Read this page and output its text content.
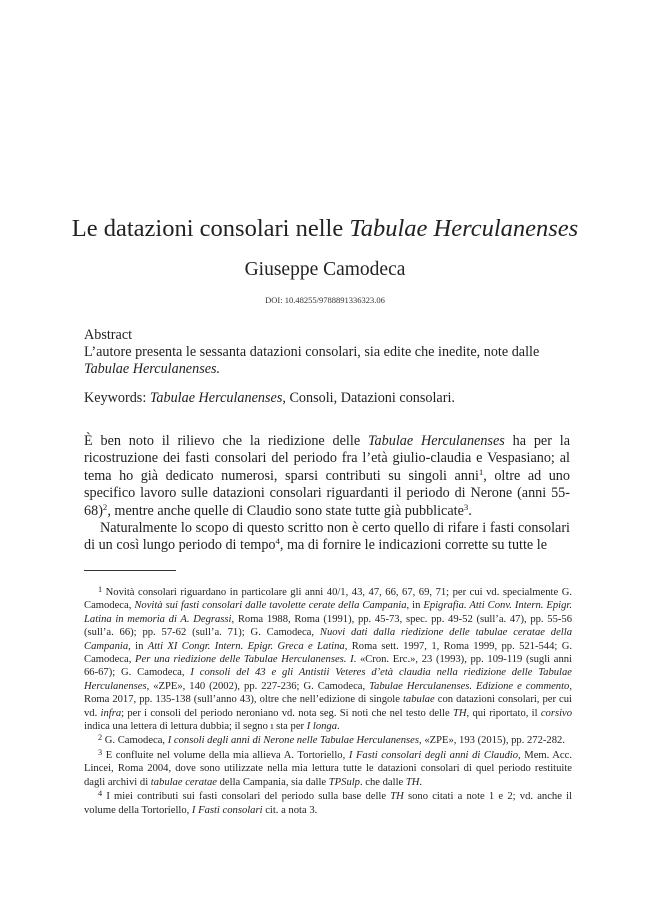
Le datazioni consolari nelle Tabulae Herculanenses
Giuseppe Camodeca
DOI: 10.48255/9788891336323.06

Abstract

L’autore presenta le sessanta datazioni consolari, sia edite che inedite, note dalle Tabulae Herculanenses.

Keywords: Tabulae Herculanenses, Consoli, Datazioni consolari.

È ben noto il rilievo che la riedizione delle Tabulae Herculanenses ha per la ricostruzione dei fasti consolari del periodo fra l’età giulio-claudia e Vespasiano; al tema ho già dedicato numerosi, sparsi contributi su singoli anni$^1$, oltre ad uno specifico lavoro sulle datazioni consolari riguardanti il periodo di Nerone (anni 55-68)$^2$, mentre anche quelle di Claudio sono state tutte già pubblicate$^3$.

Naturalmente lo scopo di questo scritto non è certo quello di rifare i fasti consolari di un così lungo periodo di tempo$^4$, ma di fornire le indicazioni corrette su tutte le

$^1$ Novità consolari riguardano in particolare gli anni 40/1, 43, 47, 66, 67, 69, 71; per cui vd. specialmente G. Camodeca, Novità sui fasti consolari dalle tavolette cerate della Campania, in Epigrafia. Atti Conv. Intern. Epigr. Latina in memoria di A. Degrassi, Roma 1988, Roma (1991), pp. 45-73, spec. pp. 49-52 (sull’a. 47), pp. 55-56 (sull’a. 66); pp. 57-62 (sull’a. 71); G. Camodeca, Nuovi dati dalla riedizione delle tabulae ceratae della Campania, in Atti XI Congr. Intern. Epigr. Greca e Latina, Roma sett. 1997, 1, Roma 1999, pp. 521-544; G. Camodeca, Per una riedizione delle Tabulae Herculanenses. I. «Cron. Erc.», 23 (1993), pp. 109-119 (sugli anni 66-67); G. Camodeca, I consoli del 43 e gli Antistii Veteres d’età claudia nella riedizione delle Tabulae Herculanenses, «ZPE», 140 (2002), pp. 227-236; G. Camodeca, Tabulae Herculanenses. Edizione e commento, Roma 2017, pp. 135-138 (sull’anno 43), oltre che nell’edizione di singole tabulae con datazioni consolari, per cui vd. infra; per i consoli del periodo neroniano vd. nota seg. Si noti che nel testo delle TH, qui riportato, il corsivo indica una lettera di lettura dubbia; il segno ı sta per I longa.

$^2$ G. Camodeca, I consoli degli anni di Nerone nelle Tabulae Herculanenses, «ZPE», 193 (2015), pp. 272-282.

$^3$ E confluite nel volume della mia allieva A. Tortoriello, I Fasti consolari degli anni di Claudio, Mem. Acc. Lincei, Roma 2004, dove sono utilizzate nella mia lettura tutte le datazioni consolari di quel periodo restituite dagli archivi di tabulae ceratae della Campania, sia dalle TPSulp. che dalle TH.

$^4$ I miei contributi sui fasti consolari del periodo sulla base delle TH sono citati a note 1 e 2; vd. anche il volume della Tortoriello, I Fasti consolari cit. a nota 3.
